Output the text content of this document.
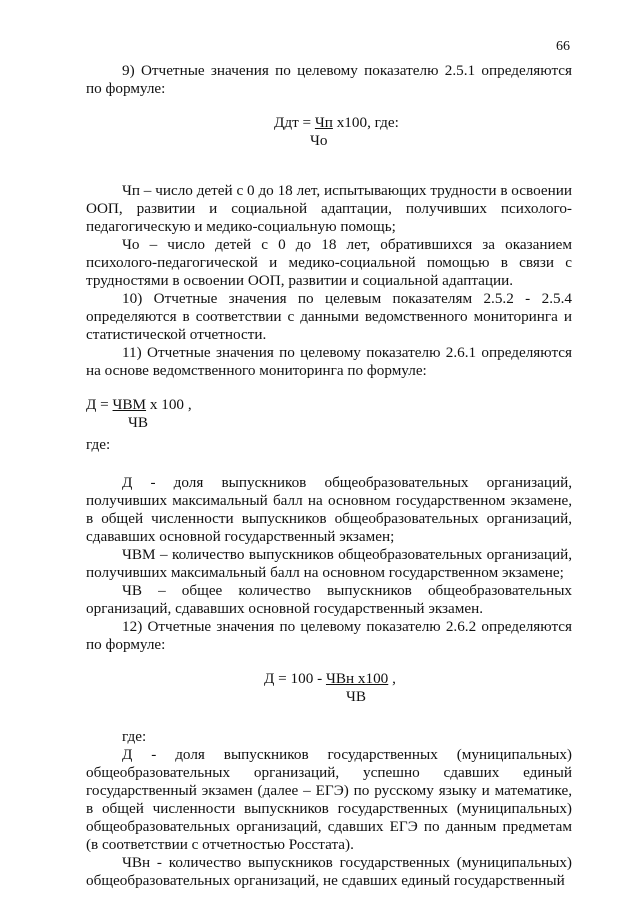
66

9) Отчетные значения по целевому показателю 2.5.1 определяются по формуле:

Ддт = Чп х100, где:
Чо

Чп – число детей с 0 до 18 лет, испытывающих трудности в освоении ООП, развитии и социальной адаптации, получивших психолого-педагогическую и медико-социальную помощь;

Чо – число детей с 0 до 18 лет, обратившихся за оказанием психолого-педагогической и медико-социальной помощью в связи с трудностями в освоении ООП, развитии и социальной адаптации.

10) Отчетные значения по целевым показателям 2.5.2 - 2.5.4 определяются в соответствии с данными ведомственного мониторинга и статистической отчетности.

11) Отчетные значения по целевому показателю 2.6.1 определяются на основе ведомственного мониторинга по формуле:

Д = ЧВМ х 100 ,
ЧВ

где:

Д - доля выпускников общеобразовательных организаций, получивших максимальный балл на основном государственном экзамене, в общей численности выпускников общеобразовательных организаций, сдававших основной государственный экзамен;

ЧВМ – количество выпускников общеобразовательных организаций, получивших максимальный балл на основном государственном экзамене;

ЧВ – общее количество выпускников общеобразовательных организаций, сдававших основной государственный экзамен.

12) Отчетные значения по целевому показателю 2.6.2 определяются по формуле:

Д = 100 - ЧВн х100 ,
ЧВ

где:

Д - доля выпускников государственных (муниципальных) общеобразовательных организаций, успешно сдавших единый государственный экзамен (далее – ЕГЭ) по русскому языку и математике, в общей численности выпускников государственных (муниципальных) общеобразовательных организаций, сдавших ЕГЭ по данным предметам (в соответствии с отчетностью Росстата).

ЧВн - количество выпускников государственных (муниципальных) общеобразовательных организаций, не сдавших единый государственный
